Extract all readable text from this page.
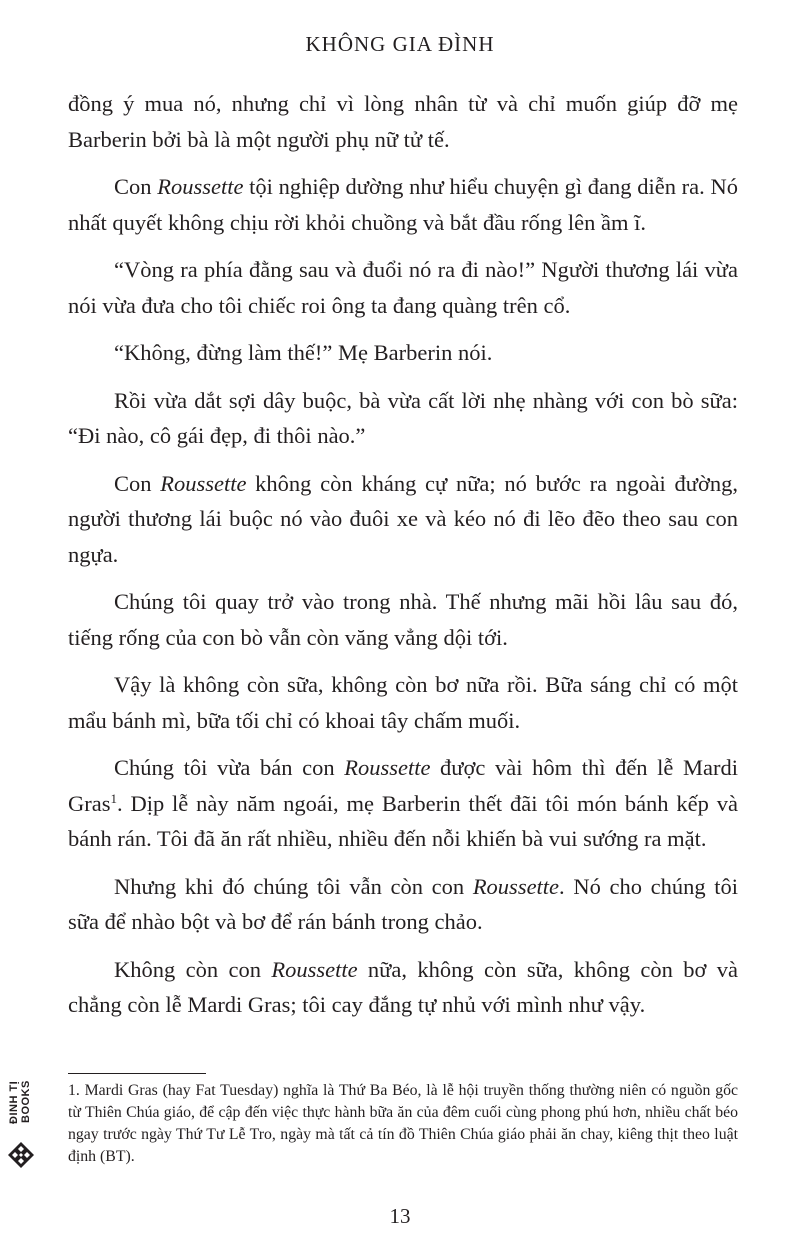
KHÔNG GIA ĐÌNH

đồng ý mua nó, nhưng chỉ vì lòng nhân từ và chỉ muốn giúp đỡ mẹ Barberin bởi bà là một người phụ nữ tử tế.

Con Roussette tội nghiệp dường như hiểu chuyện gì đang diễn ra. Nó nhất quyết không chịu rời khỏi chuồng và bắt đầu rống lên ầm ĩ.

“Vòng ra phía đằng sau và đuổi nó ra đi nào!” Người thương lái vừa nói vừa đưa cho tôi chiếc roi ông ta đang quàng trên cổ.

“Không, đừng làm thế!” Mẹ Barberin nói.

Rồi vừa dắt sợi dây buộc, bà vừa cất lời nhẹ nhàng với con bò sữa: “Đi nào, cô gái đẹp, đi thôi nào.”

Con Roussette không còn kháng cự nữa; nó bước ra ngoài đường, người thương lái buộc nó vào đuôi xe và kéo nó đi lẽo đẽo theo sau con ngựa.

Chúng tôi quay trở vào trong nhà. Thế nhưng mãi hồi lâu sau đó, tiếng rống của con bò vẫn còn văng vẳng dội tới.

Vậy là không còn sữa, không còn bơ nữa rồi. Bữa sáng chỉ có một mẩu bánh mì, bữa tối chỉ có khoai tây chấm muối.

Chúng tôi vừa bán con Roussette được vài hôm thì đến lễ Mardi Gras$^1$. Dịp lễ này năm ngoái, mẹ Barberin thết đãi tôi món bánh kếp và bánh rán. Tôi đã ăn rất nhiều, nhiều đến nỗi khiến bà vui sướng ra mặt.

Nhưng khi đó chúng tôi vẫn còn con Roussette. Nó cho chúng tôi sữa để nhào bột và bơ để rán bánh trong chảo.

Không còn con Roussette nữa, không còn sữa, không còn bơ và chẳng còn lễ Mardi Gras; tôi cay đắng tự nhủ với mình như vậy.

1. Mardi Gras (hay Fat Tuesday) nghĩa là Thứ Ba Béo, là lễ hội truyền thống thường niên có nguồn gốc từ Thiên Chúa giáo, để cập đến việc thực hành bữa ăn của đêm cuối cùng phong phú hơn, nhiều chất béo ngay trước ngày Thứ Tư Lễ Tro, ngày mà tất cả tín đồ Thiên Chúa giáo phải ăn chay, kiêng thịt theo luật định (BT).
13
ĐINH TỊ BOOKS
